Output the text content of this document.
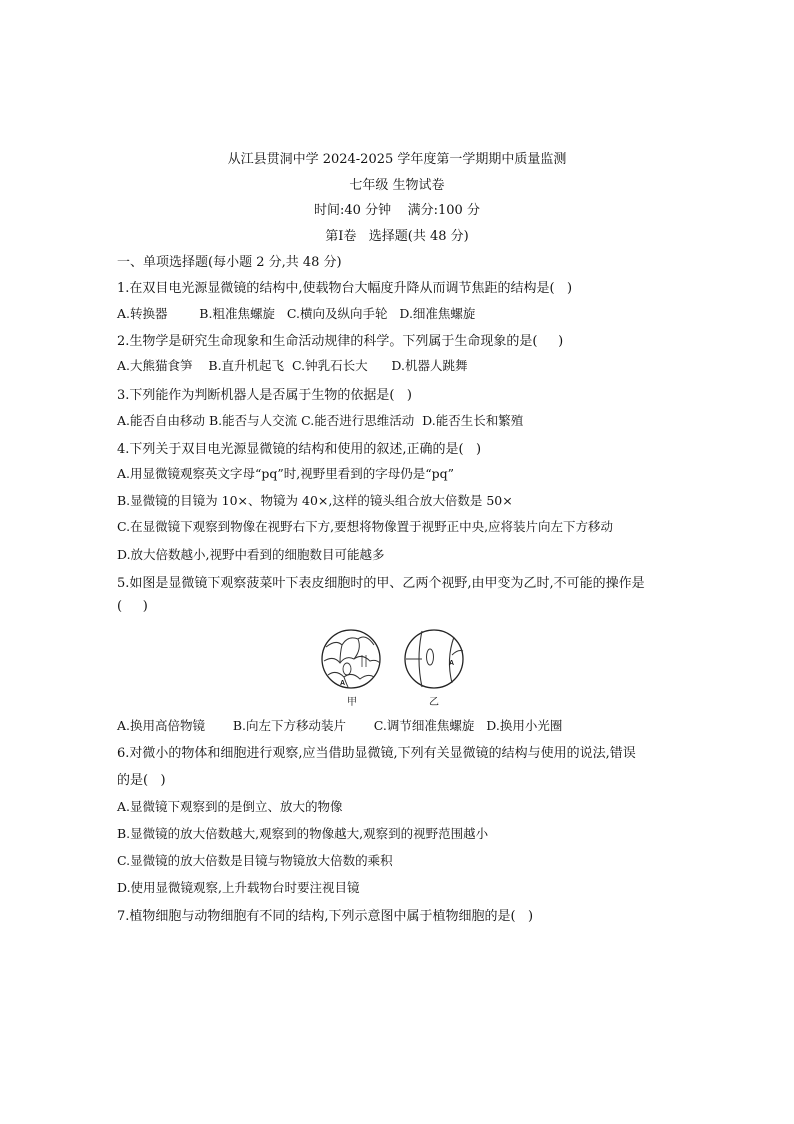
从江县贯洞中学 2024-2025 学年度第一学期期中质量监测
七年级 生物试卷
时间:40 分钟    满分:100 分
第Ⅰ卷   选择题(共 48 分)
一、单项选择题(每小题 2 分,共 48 分)
1.在双目电光源显微镜的结构中,使载物台大幅度升降从而调节焦距的结构是(   )
A.转换器        B.粗准焦螺旋   C.横向及纵向手轮   D.细准焦螺旋
2.生物学是研究生命现象和生命活动规律的科学。下列属于生命现象的是(     )
A.大熊猫食笋    B.直升机起飞  C.钟乳石长大      D.机器人跳舞
3.下列能作为判断机器人是否属于生物的依据是(   )
A.能否自由移动 B.能否与人交流 C.能否进行思维活动  D.能否生长和繁殖
4.下列关于双目电光源显微镜的结构和使用的叙述,正确的是(   )
A.用显微镜观察英文字母“pq”时,视野里看到的字母仍是“pq”
B.显微镜的目镜为 10×、物镜为 40×,这样的镜头组合放大倍数是 50×
C.在显微镜下观察到物像在视野右下方,要想将物像置于视野正中央,应将装片向左下方移动
D.放大倍数越小,视野中看到的细胞数目可能越多
5.如图是显微镜下观察菠菜叶下表皮细胞时的甲、乙两个视野,由甲变为乙时,不可能的操作是
(     )
A
A
甲	乙
A.换用高倍物镜       B.向左下方移动装片       C.调节细准焦螺旋   D.换用小光圈
6.对微小的物体和细胞进行观察,应当借助显微镜,下列有关显微镜的结构与使用的说法,错误
的是(   )
A.显微镜下观察到的是倒立、放大的物像
B.显微镜的放大倍数越大,观察到的物像越大,观察到的视野范围越小
C.显微镜的放大倍数是目镜与物镜放大倍数的乘积
D.使用显微镜观察,上升载物台时要注视目镜
7.植物细胞与动物细胞有不同的结构,下列示意图中属于植物细胞的是(   )
